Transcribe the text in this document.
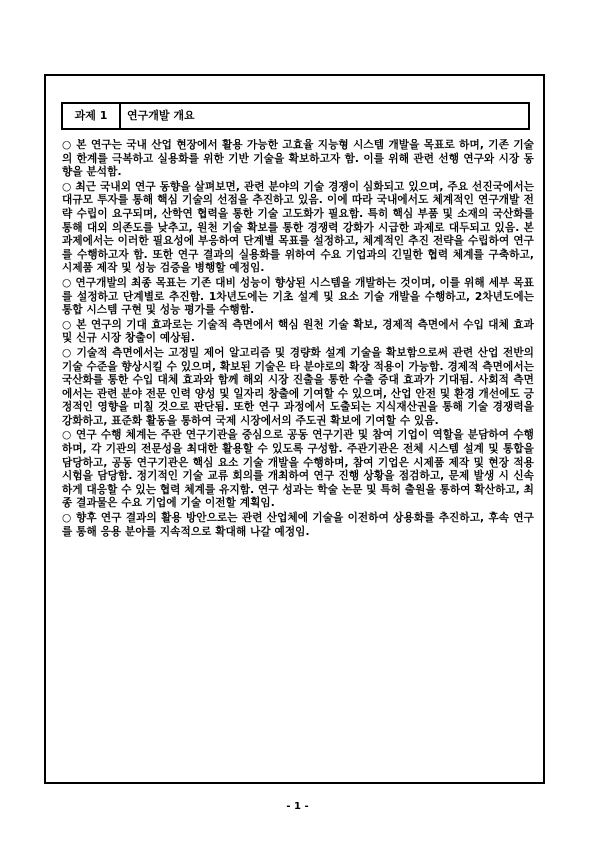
과제 1	연구개발 개요

○ 본 연구는 국내 산업 현장에서 활용 가능한 고효율 지능형 시스템 개발을 목표로 하며, 기존 기술의 한계를 극복하고 실용화를 위한 기반 기술을 확보하고자 함. 이를 위해 관련 선행 연구와 시장 동향을 분석함.

○ 최근 국내외 연구 동향을 살펴보면, 관련 분야의 기술 경쟁이 심화되고 있으며, 주요 선진국에서는 대규모 투자를 통해 핵심 기술의 선점을 추진하고 있음. 이에 따라 국내에서도 체계적인 연구개발 전략 수립이 요구되며, 산학연 협력을 통한 기술 고도화가 필요함. 특히 핵심 부품 및 소재의 국산화를 통해 대외 의존도를 낮추고, 원천 기술 확보를 통한 경쟁력 강화가 시급한 과제로 대두되고 있음. 본 과제에서는 이러한 필요성에 부응하여 단계별 목표를 설정하고, 체계적인 추진 전략을 수립하여 연구를 수행하고자 함. 또한 연구 결과의 실용화를 위하여 수요 기업과의 긴밀한 협력 체계를 구축하고, 시제품 제작 및 성능 검증을 병행할 예정임.

○ 연구개발의 최종 목표는 기존 대비 성능이 향상된 시스템을 개발하는 것이며, 이를 위해 세부 목표를 설정하고 단계별로 추진함. 1차년도에는 기초 설계 및 요소 기술 개발을 수행하고, 2차년도에는 통합 시스템 구현 및 성능 평가를 수행함.

○ 본 연구의 기대 효과로는 기술적 측면에서 핵심 원천 기술 확보, 경제적 측면에서 수입 대체 효과 및 신규 시장 창출이 예상됨.

○ 기술적 측면에서는 고정밀 제어 알고리즘 및 경량화 설계 기술을 확보함으로써 관련 산업 전반의 기술 수준을 향상시킬 수 있으며, 확보된 기술은 타 분야로의 확장 적용이 가능함. 경제적 측면에서는 국산화를 통한 수입 대체 효과와 함께 해외 시장 진출을 통한 수출 증대 효과가 기대됨. 사회적 측면에서는 관련 분야 전문 인력 양성 및 일자리 창출에 기여할 수 있으며, 산업 안전 및 환경 개선에도 긍정적인 영향을 미칠 것으로 판단됨. 또한 연구 과정에서 도출되는 지식재산권을 통해 기술 경쟁력을 강화하고, 표준화 활동을 통하여 국제 시장에서의 주도권 확보에 기여할 수 있음.

○ 연구 수행 체계는 주관 연구기관을 중심으로 공동 연구기관 및 참여 기업이 역할을 분담하여 수행하며, 각 기관의 전문성을 최대한 활용할 수 있도록 구성함. 주관기관은 전체 시스템 설계 및 통합을 담당하고, 공동 연구기관은 핵심 요소 기술 개발을 수행하며, 참여 기업은 시제품 제작 및 현장 적용 시험을 담당함. 정기적인 기술 교류 회의를 개최하여 연구 진행 상황을 점검하고, 문제 발생 시 신속하게 대응할 수 있는 협력 체계를 유지함. 연구 성과는 학술 논문 및 특허 출원을 통하여 확산하고, 최종 결과물은 수요 기업에 기술 이전할 계획임.

○ 향후 연구 결과의 활용 방안으로는 관련 산업체에 기술을 이전하여 상용화를 추진하고, 후속 연구를 통해 응용 분야를 지속적으로 확대해 나갈 예정임.

- 1 -
